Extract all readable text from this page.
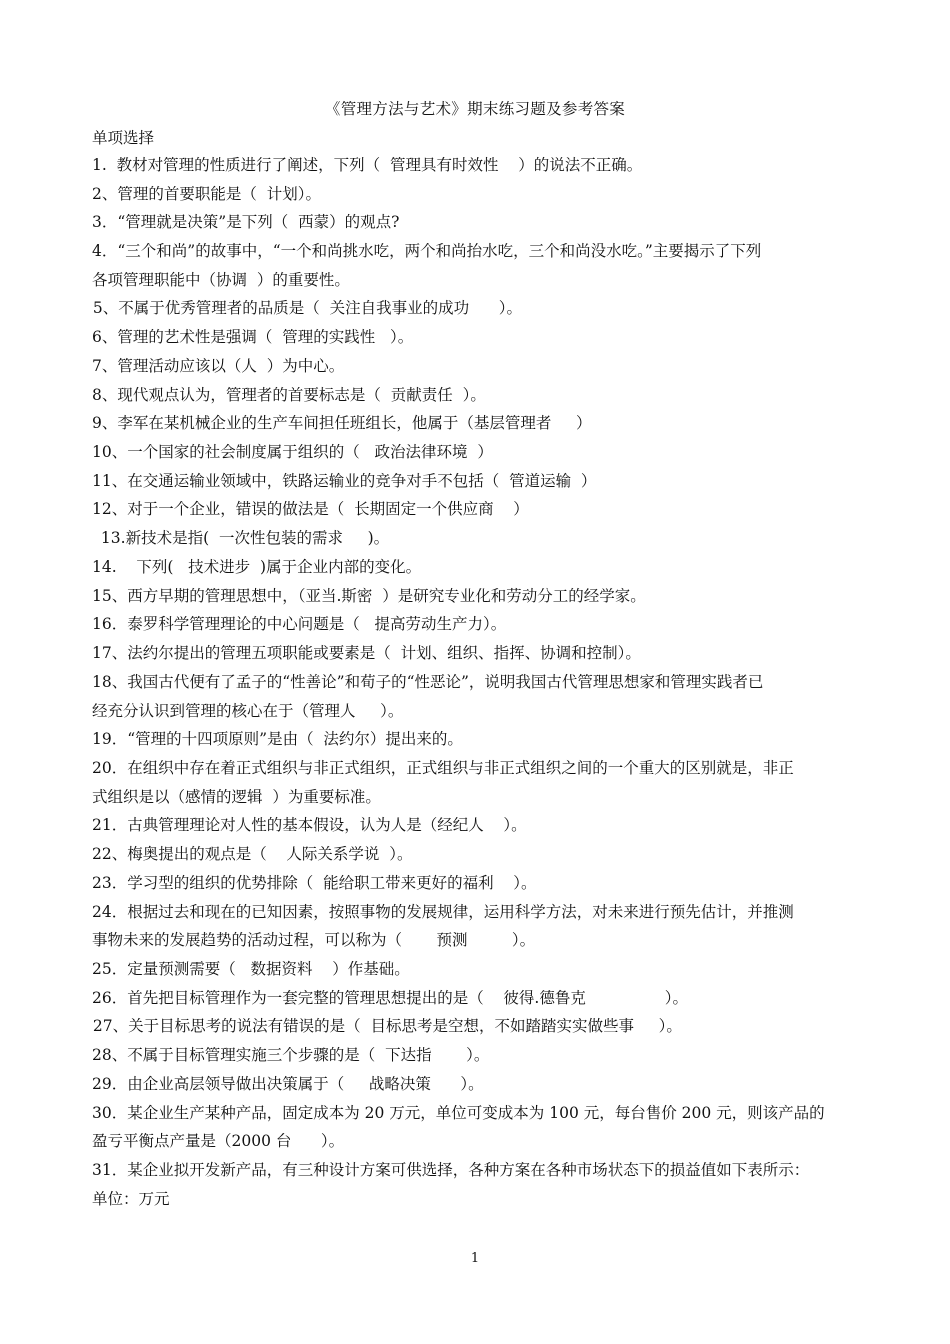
《管理方法与艺术》期末练习题及参考答案
单项选择
1.  教材对管理的性质进行了阐述，下列（  管理具有时效性    ）的说法不正确。
2、管理的首要职能是（  计划）。
3．“管理就是决策”是下列（  西蒙）的观点?
4．“三个和尚”的故事中，“一个和尚挑水吃，两个和尚抬水吃，三个和尚没水吃。”主要揭示了下列
各项管理职能中（协调  ）的重要性。
5、不属于优秀管理者的品质是（  关注自我事业的成功      ）。
6、管理的艺术性是强调（  管理的实践性   ）。
7、管理活动应该以（人  ）为中心。
8、现代观点认为，管理者的首要标志是（  贡献责任  ）。
9、李军在某机械企业的生产车间担任班组长，他属于（基层管理者     ）
10、一个国家的社会制度属于组织的（   政治法律环境  ）
11、在交通运输业领域中，铁路运输业的竞争对手不包括（  管道运输  ）
12、对于一个企业，错误的做法是（  长期固定一个供应商    ）
13.新技术是指(  一次性包装的需求     )。
14.    下列(   技术进步  )属于企业内部的变化。
15、西方早期的管理思想中，（亚当.斯密  ）是研究专业化和劳动分工的经学家。
16．泰罗科学管理理论的中心问题是（   提高劳动生产力）。
17、法约尔提出的管理五项职能或要素是（  计划、组织、指挥、协调和控制）。
18、我国古代便有了孟子的“性善论”和荀子的“性恶论”，说明我国古代管理思想家和管理实践者已
经充分认识到管理的核心在于（管理人     ）。
19．“管理的十四项原则”是由（  法约尔）提出来的。
20．在组织中存在着正式组织与非正式组织，正式组织与非正式组织之间的一个重大的区别就是，非正
式组织是以（感情的逻辑  ）为重要标准。
21．古典管理理论对人性的基本假设，认为人是（经纪人    ）。
22、梅奥提出的观点是（    人际关系学说  ）。
23．学习型的组织的优势排除（  能给职工带来更好的福利    ）。
24．根据过去和现在的已知因素，按照事物的发展规律，运用科学方法，对未来进行预先估计，并推测
事物未来的发展趋势的活动过程，可以称为（       预测         ）。
25．定量预测需要（   数据资料    ）作基础。
26．首先把目标管理作为一套完整的管理思想提出的是（    彼得.德鲁克                ）。
27、关于目标思考的说法有错误的是（  目标思考是空想，不如踏踏实实做些事     ）。
28、不属于目标管理实施三个步骤的是（  下达指       ）。
29．由企业高层领导做出决策属于（     战略决策      ）。
30．某企业生产某种产品，固定成本为 20 万元，单位可变成本为 100 元，每台售价 200 元，则该产品的
盈亏平衡点产量是（2000 台      ）。
31．某企业拟开发新产品，有三种设计方案可供选择，各种方案在各种市场状态下的损益值如下表所示：
单位：万元
1
